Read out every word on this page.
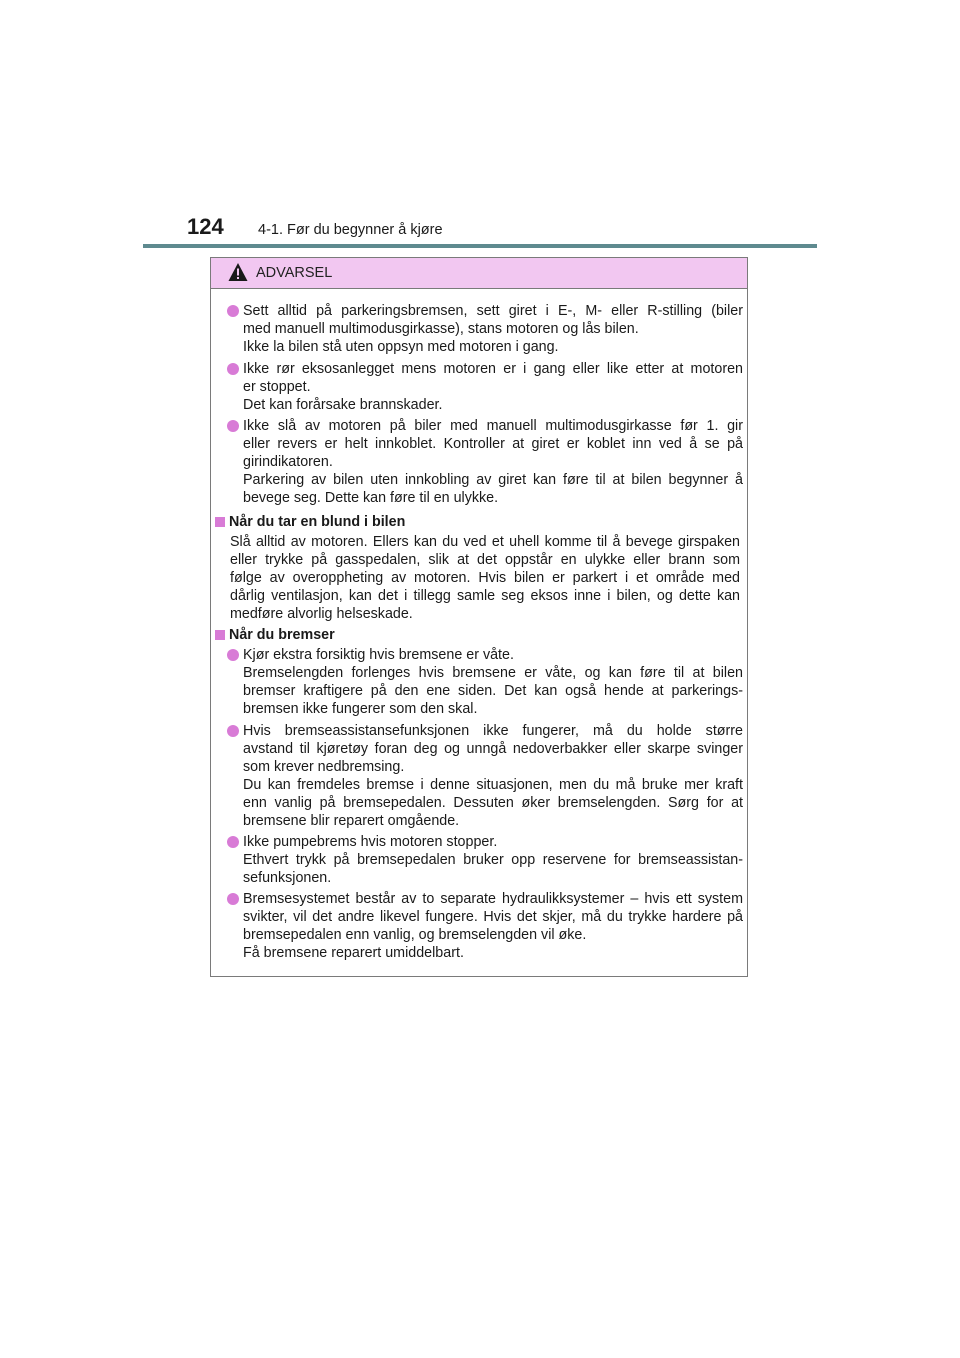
124 4-1. Før du begynner å kjøre
ADVARSEL
Sett alltid på parkeringsbremsen, sett giret i E-, M- eller R-stilling (biler
med manuell multimodusgirkasse), stans motoren og lås bilen.
Ikke la bilen stå uten oppsyn med motoren i gang.
Ikke rør eksosanlegget mens motoren er i gang eller like etter at motoren
er stoppet.
Det kan forårsake brannskader.
Ikke slå av motoren på biler med manuell multimodusgirkasse før 1. gir
eller revers er helt innkoblet. Kontroller at giret er koblet inn ved å se på
girindikatoren.
Parkering av bilen uten innkobling av giret kan føre til at bilen begynner å
bevege seg. Dette kan føre til en ulykke.
Når du tar en blund i bilen
Slå alltid av motoren. Ellers kan du ved et uhell komme til å bevege girspaken
eller trykke på gasspedalen, slik at det oppstår en ulykke eller brann som
følge av overoppheting av motoren. Hvis bilen er parkert i et område med
dårlig ventilasjon, kan det i tillegg samle seg eksos inne i bilen, og dette kan
medføre alvorlig helseskade.
Når du bremser
Kjør ekstra forsiktig hvis bremsene er våte.
Bremselengden forlenges hvis bremsene er våte, og kan føre til at bilen
bremser kraftigere på den ene siden. Det kan også hende at parkerings-
bremsen ikke fungerer som den skal.
Hvis bremseassistansefunksjonen ikke fungerer, må du holde større
avstand til kjøretøy foran deg og unngå nedoverbakker eller skarpe svinger
som krever nedbremsing.
Du kan fremdeles bremse i denne situasjonen, men du må bruke mer kraft
enn vanlig på bremsepedalen. Dessuten øker bremselengden. Sørg for at
bremsene blir reparert omgående.
Ikke pumpebrems hvis motoren stopper.
Ethvert trykk på bremsepedalen bruker opp reservene for bremseassistan-
sefunksjonen.
Bremsesystemet består av to separate hydraulikksystemer – hvis ett system
svikter, vil det andre likevel fungere. Hvis det skjer, må du trykke hardere på
bremsepedalen enn vanlig, og bremselengden vil øke.
Få bremsene reparert umiddelbart.
